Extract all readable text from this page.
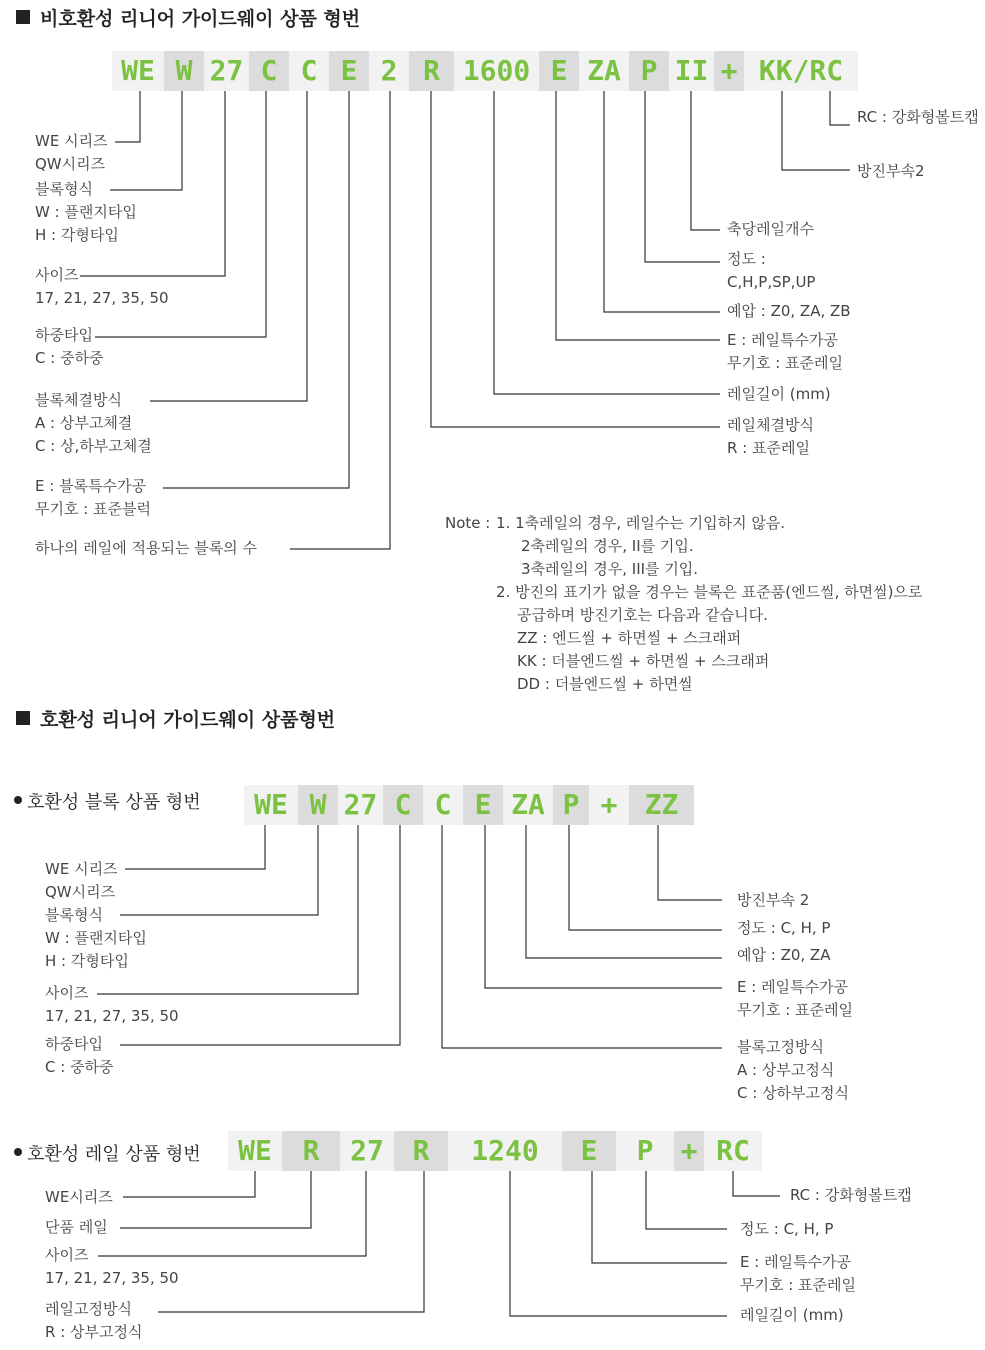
비호환성 리니어 가이드웨이 상품 형번
WE W 27 C C E 2 R 1600 E ZA P II + KK/RC
WE 시리즈
QW시리즈
블록형식
W : 플랜지타입
H : 각형타입
사이즈
17, 21, 27, 35, 50
하중타입
C : 중하중
블록체결방식
A : 상부고체결
C : 상,하부고체결
E : 블록특수가공
무기호 : 표준블럭
하나의 레일에 적용되는 블록의 수
RC : 강화형볼트캡
방진부속2
축당레일개수
정도 :
C,H,P,SP,UP
예압 : Z0, ZA, ZB
E : 레일특수가공
무기호 : 표준레일
레일길이 (mm)
레일체결방식
R : 표준레일
Note : 1. 1축레일의 경우, 레일수는 기입하지 않음.
2축레일의 경우, II를 기입.
3축레일의 경우, III를 기입.
2. 방진의 표기가 없을 경우는 블록은 표준품(엔드씰, 하면씰)으로
공급하며 방진기호는 다음과 같습니다.
ZZ : 엔드씰 + 하면씰 + 스크래퍼
KK : 더블엔드씰 + 하면씰 + 스크래퍼
DD : 더블엔드씰 + 하면씰
호환성 리니어 가이드웨이 상품형번
호환성 블록 상품 형번	WE W 27 C C E ZA P + ZZ
WE 시리즈
QW시리즈
블록형식
W : 플랜지타입
H : 각형타입
사이즈
17, 21, 27, 35, 50
하중타입
C : 중하중
방진부속 2
정도 : C, H, P
예압 : Z0, ZA
E : 레일특수가공
무기호 : 표준레일
블록고정방식
A : 상부고정식
C : 상하부고정식
호환성 레일 상품 형번	WE	R	27	R	1240	E	P + RC
WE시리즈
단품 레일
사이즈
17, 21, 27, 35, 50
레일고정방식
R : 상부고정식
RC : 강화형볼트캡
정도 : C, H, P
E : 레일특수가공
무기호 : 표준레일
레일길이 (mm)
